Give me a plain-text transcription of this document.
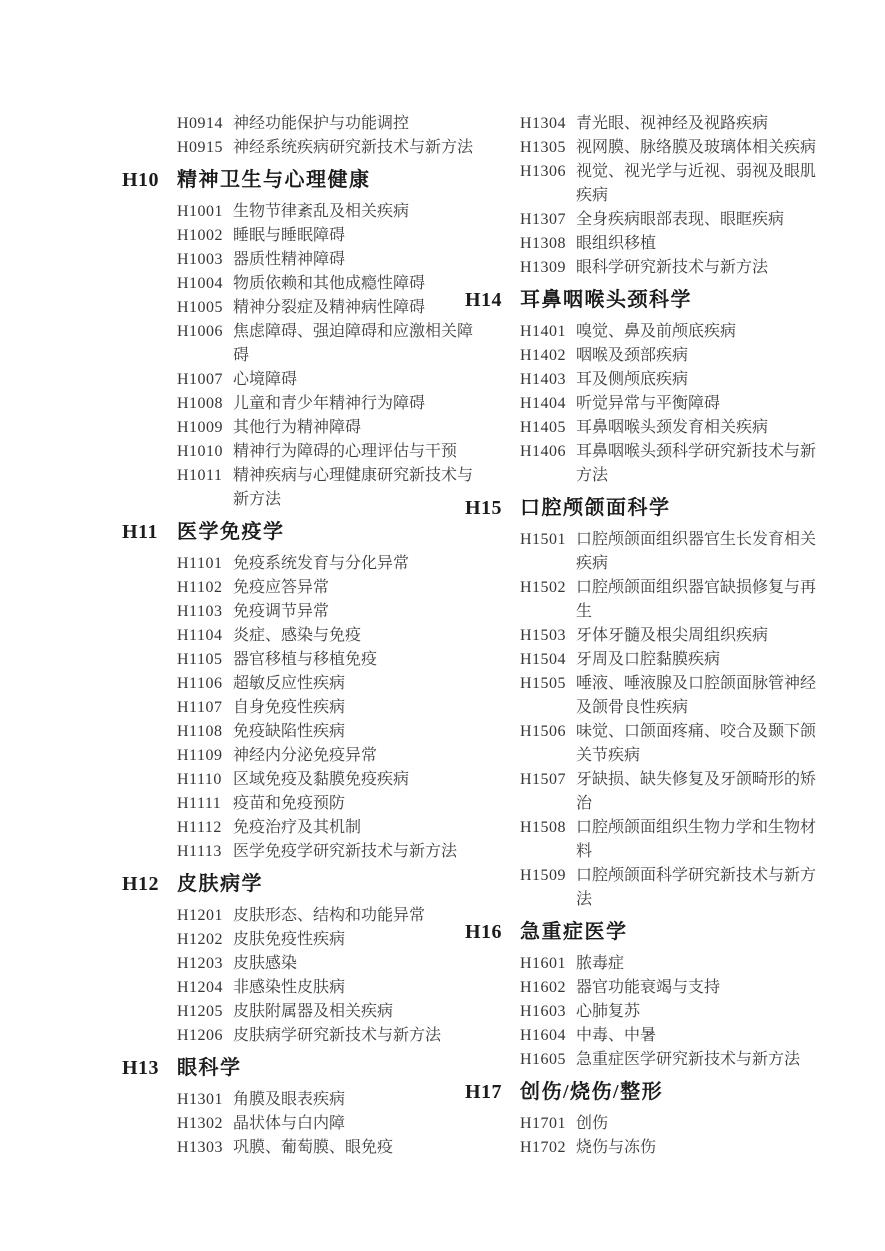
H0914 神经功能保护与功能调控
H0915 神经系统疾病研究新技术与新方法
H10 精神卫生与心理健康
H1001 生物节律紊乱及相关疾病
H1002 睡眠与睡眠障碍
H1003 器质性精神障碍
H1004 物质依赖和其他成瘾性障碍
H1005 精神分裂症及精神病性障碍
H1006 焦虑障碍、强迫障碍和应激相关障碍
H1007 心境障碍
H1008 儿童和青少年精神行为障碍
H1009 其他行为精神障碍
H1010 精神行为障碍的心理评估与干预
H1011 精神疾病与心理健康研究新技术与新方法
H11 医学免疫学
H1101 免疫系统发育与分化异常
H1102 免疫应答异常
H1103 免疫调节异常
H1104 炎症、感染与免疫
H1105 器官移植与移植免疫
H1106 超敏反应性疾病
H1107 自身免疫性疾病
H1108 免疫缺陷性疾病
H1109 神经内分泌免疫异常
H1110 区域免疫及黏膜免疫疾病
H1111 疫苗和免疫预防
H1112 免疫治疗及其机制
H1113 医学免疫学研究新技术与新方法
H12 皮肤病学
H1201 皮肤形态、结构和功能异常
H1202 皮肤免疫性疾病
H1203 皮肤感染
H1204 非感染性皮肤病
H1205 皮肤附属器及相关疾病
H1206 皮肤病学研究新技术与新方法
H13 眼科学
H1301 角膜及眼表疾病
H1302 晶状体与白内障
H1303 巩膜、葡萄膜、眼免疫
H1304 青光眼、视神经及视路疾病
H1305 视网膜、脉络膜及玻璃体相关疾病
H1306 视觉、视光学与近视、弱视及眼肌疾病
H1307 全身疾病眼部表现、眼眶疾病
H1308 眼组织移植
H1309 眼科学研究新技术与新方法
H14 耳鼻咽喉头颈科学
H1401 嗅觉、鼻及前颅底疾病
H1402 咽喉及颈部疾病
H1403 耳及侧颅底疾病
H1404 听觉异常与平衡障碍
H1405 耳鼻咽喉头颈发育相关疾病
H1406 耳鼻咽喉头颈科学研究新技术与新方法
H15 口腔颅颌面科学
H1501 口腔颅颌面组织器官生长发育相关疾病
H1502 口腔颅颌面组织器官缺损修复与再生
H1503 牙体牙髓及根尖周组织疾病
H1504 牙周及口腔黏膜疾病
H1505 唾液、唾液腺及口腔颌面脉管神经及颌骨良性疾病
H1506 味觉、口颌面疼痛、咬合及颞下颌关节疾病
H1507 牙缺损、缺失修复及牙颌畸形的矫治
H1508 口腔颅颌面组织生物力学和生物材料
H1509 口腔颅颌面科学研究新技术与新方法
H16 急重症医学
H1601 脓毒症
H1602 器官功能衰竭与支持
H1603 心肺复苏
H1604 中毒、中暑
H1605 急重症医学研究新技术与新方法
H17 创伤/烧伤/整形
H1701 创伤
H1702 烧伤与冻伤
